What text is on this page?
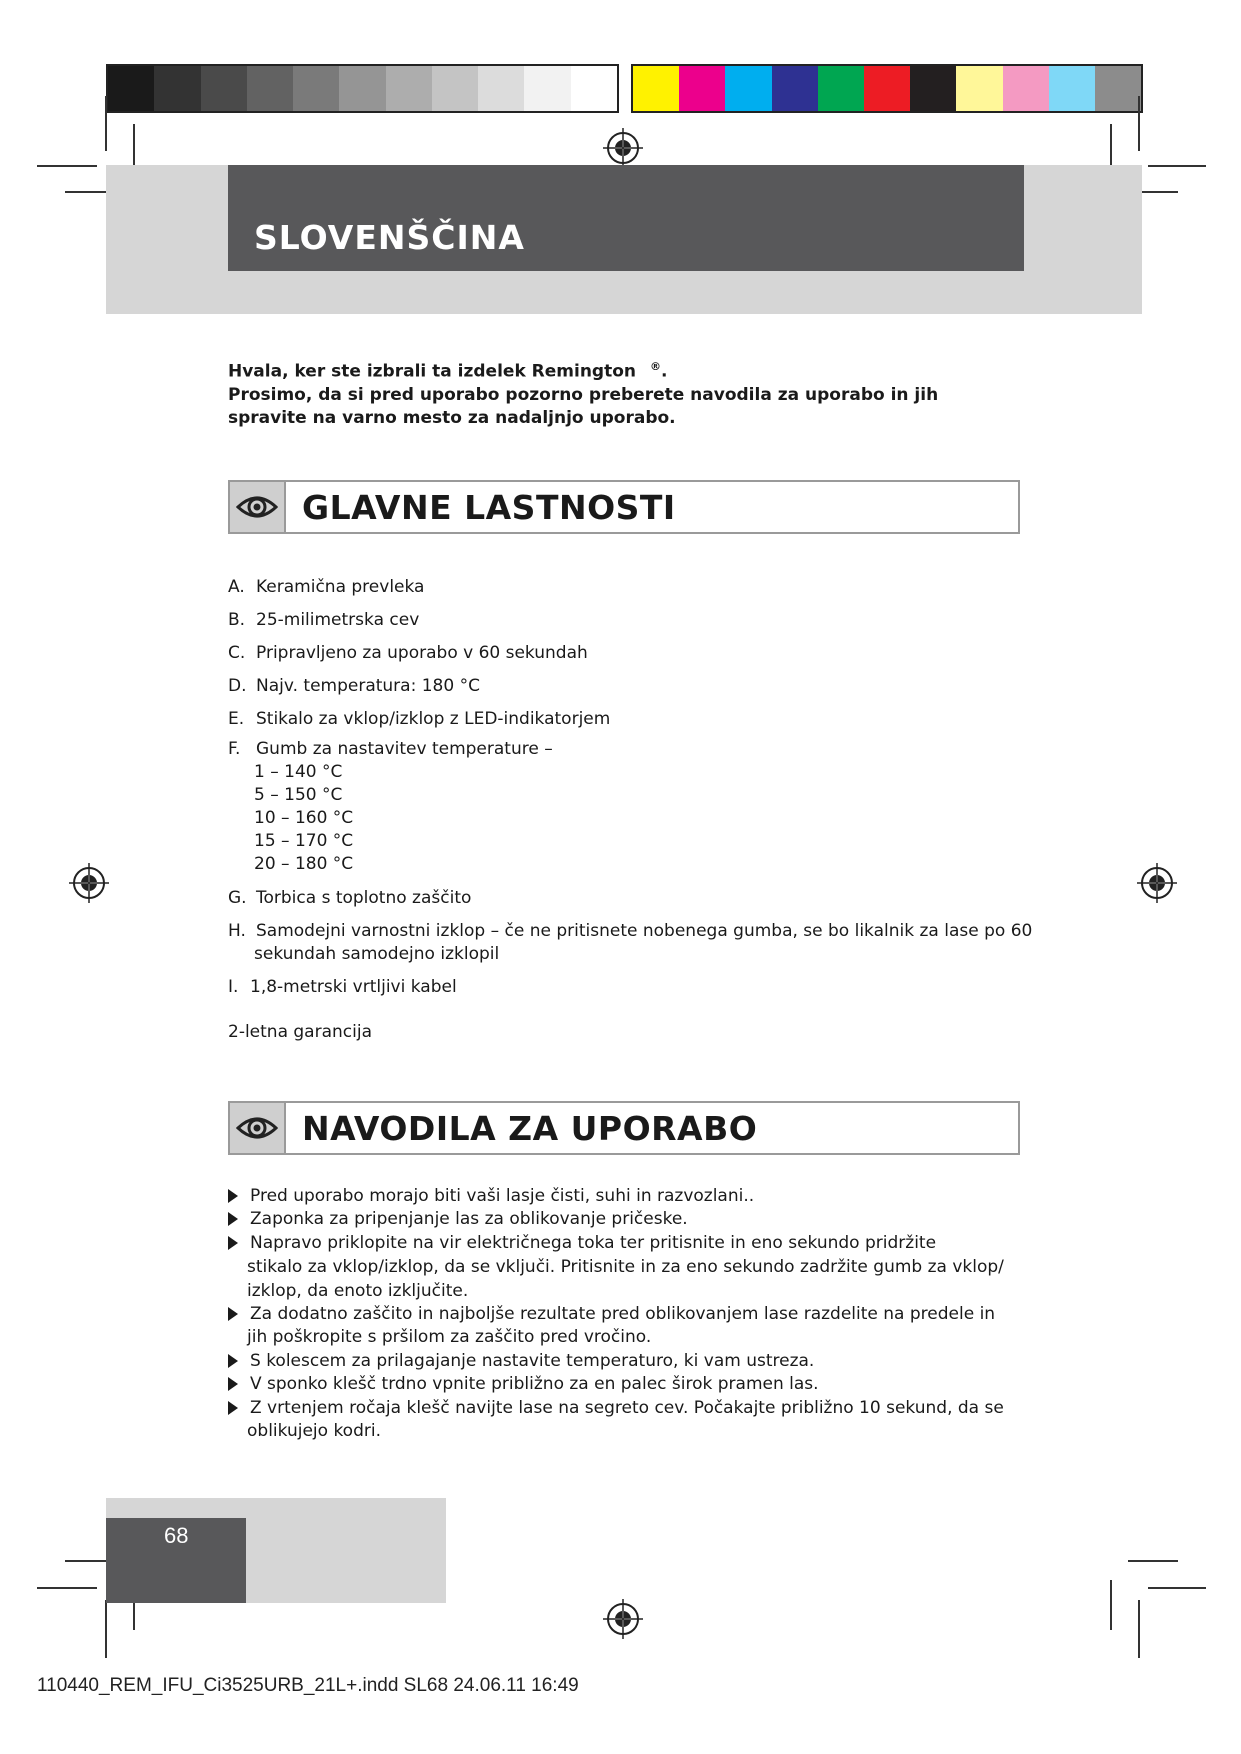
SLOVENŠČINA
Hvala, ker ste izbrali ta izdelek Remington ®.
Prosimo, da si pred uporabo pozorno preberete navodila za uporabo in jih
spravite na varno mesto za nadaljnjo uporabo.
GLAVNE LASTNOSTI
A. Keramična prevleka
B. 25-milimetrska cev
C. Pripravljeno za uporabo v 60 sekundah
D. Najv. temperatura: 180 °C
E. Stikalo za vklop/izklop z LED-indikatorjem
F. Gumb za nastavitev temperature –
1 – 140 °C
5 – 150 °C
10 – 160 °C
15 – 170 °C
20 – 180 °C
G. Torbica s toplotno zaščito
H. Samodejni varnostni izklop – če ne pritisnete nobenega gumba, se bo likalnik za lase po 60
sekundah samodejno izklopil
I. 1,8-metrski vrtljivi kabel
2-letna garancija
NAVODILA ZA UPORABO
Pred uporabo morajo biti vaši lasje čisti, suhi in razvozlani..
Zaponka za pripenjanje las za oblikovanje pričeske.
Napravo priklopite na vir električnega toka ter pritisnite in eno sekundo pridržite
stikalo za vklop/izklop, da se vključi. Pritisnite in za eno sekundo zadržite gumb za vklop/
izklop, da enoto izključite.
Za dodatno zaščito in najboljše rezultate pred oblikovanjem lase razdelite na predele in
jih poškropite s pršilom za zaščito pred vročino.
S kolescem za prilagajanje nastavite temperaturo, ki vam ustreza.
V sponko klešč trdno vpnite približno za en palec širok pramen las.
Z vrtenjem ročaja klešč navijte lase na segreto cev. Počakajte približno 10 sekund, da se
oblikujejo kodri.
68
110440_REM_IFU_Ci3525URB_21L+.indd SL68 24.06.11 16:49
